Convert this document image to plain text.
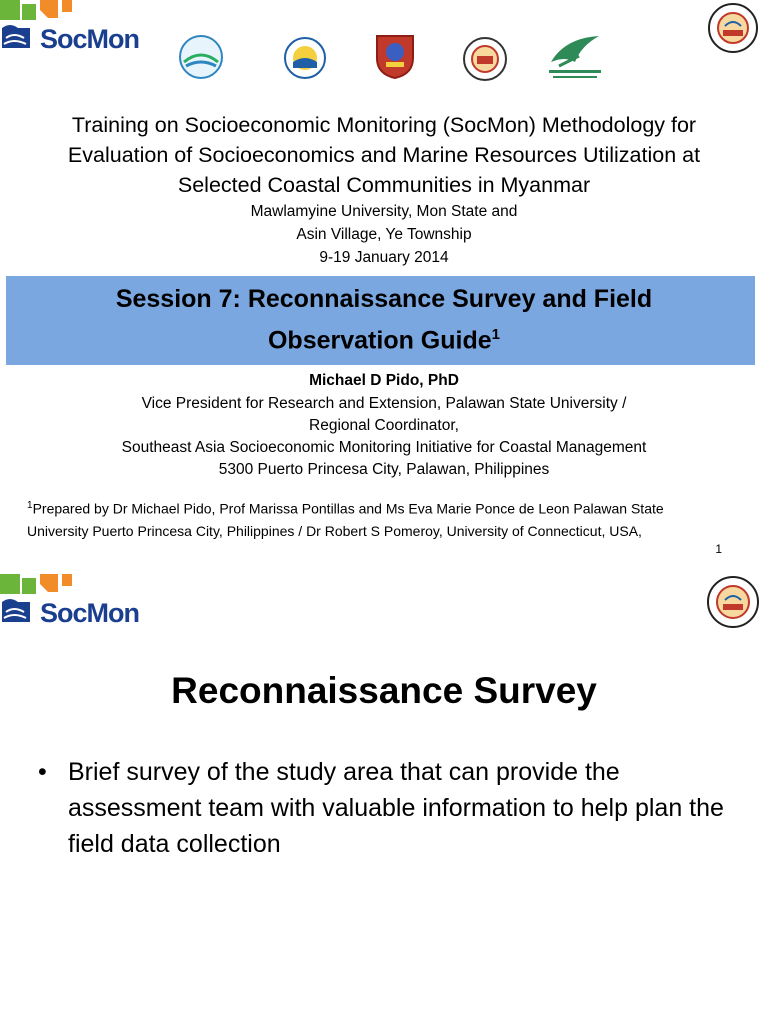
SocMon
Training on Socioeconomic Monitoring (SocMon) Methodology for
Evaluation of Socioeconomics and Marine Resources Utilization at
Selected Coastal Communities in Myanmar
Mawlamyine University, Mon State and
Asin Village, Ye Township
9-19 January 2014
Session 7: Reconnaissance Survey and Field
Observation Guide$^1$
Michael D Pido, PhD
Vice President for Research and Extension, Palawan State University /
Regional Coordinator,
Southeast Asia Socioeconomic Monitoring Initiative for Coastal Management
5300 Puerto Princesa City, Palawan, Philippines
$^1$Prepared by Dr Michael Pido, Prof Marissa Pontillas and Ms Eva Marie Ponce de Leon Palawan State
University Puerto Princesa City, Philippines / Dr Robert S Pomeroy, University of Connecticut, USA,
1
SocMon
Reconnaissance Survey
• Brief survey of the study area that can provide the assessment team with valuable information to help plan the field data collection
